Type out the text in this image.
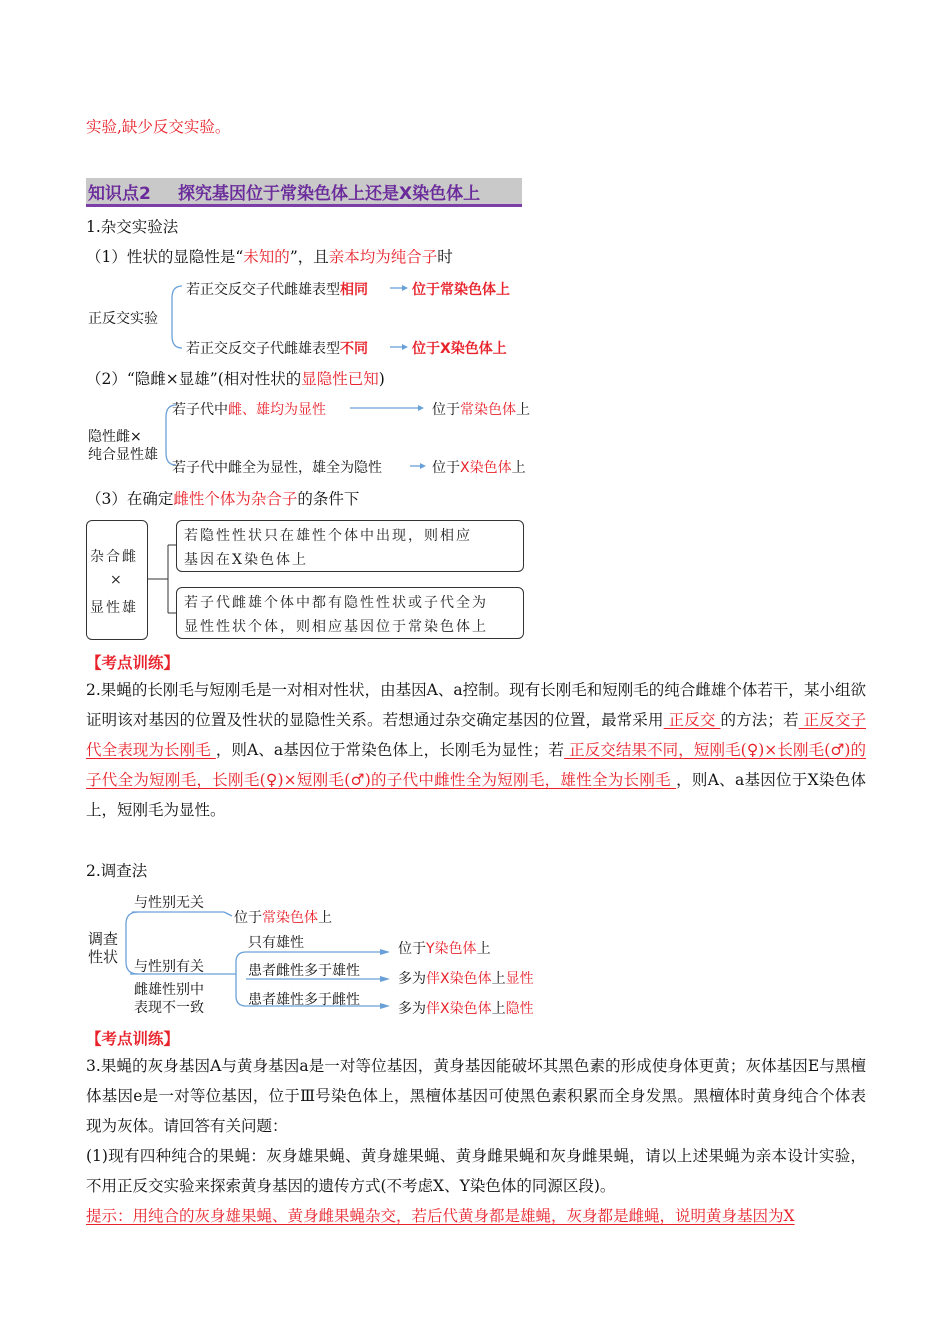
实验,缺少反交实验。
知识点2 探究基因位于常染色体上还是X染色体上
1.杂交实验法
（1）性状的显隐性是“未知的”，且亲本均为纯合子时
正反交实验
若正交反交子代雌雄表型相同	位于常染色体上
若正交反交子代雌雄表型不同	位于X染色体上
（2）“隐雌×显雄”(相对性状的显隐性已知)
隐性雌×
纯合显性雄
若子代中雌、雄均为显性	位于常染色体上
若子代中雌全为显性，雄全为隐性	位于X染色体上
（3）在确定雌性个体为杂合子的条件下
杂合雌
×
显性雄
若隐性性状只在雄性个体中出现，则相应
基因在X染色体上
若子代雌雄个体中都有隐性性状或子代全为
显性性状个体，则相应基因位于常染色体上
【考点训练】
2.果蝇的长刚毛与短刚毛是一对相对性状，由基因A、a控制。现有长刚毛和短刚毛的纯合雌雄个体若干，某小组欲证明该对基因的位置及性状的显隐性关系。若想通过杂交确定基因的位置，最常采用 正反交 的方法；若 正反交子代全表现为长刚毛 ，则A、a基因位于常染色体上，长刚毛为显性；若 正反交结果不同，短刚毛(♀)×长刚毛(♂)的子代全为短刚毛，长刚毛(♀)×短刚毛(♂)的子代中雌性全为短刚毛，雄性全为长刚毛 ，则A、a基因位于X染色体上，短刚毛为显性。
2.调查法
调查
性状
与性别无关
位于常染色体上
与性别有关
雌雄性别中
表现不一致
只有雄性	位于Y染色体上
患者雌性多于雄性	多为伴X染色体上显性
患者雄性多于雌性
多为伴X染色体上隐性
【考点训练】
3.果蝇的灰身基因A与黄身基因a是一对等位基因，黄身基因能破坏其黑色素的形成使身体更黄；灰体基因E与黑檀体基因e是一对等位基因，位于Ⅲ号染色体上，黑檀体基因可使黑色素积累而全身发黑。黑檀体时黄身纯合个体表现为灰体。请回答有关问题：
(1)现有四种纯合的果蝇：灰身雄果蝇、黄身雄果蝇、黄身雌果蝇和灰身雌果蝇，请以上述果蝇为亲本设计实验，不用正反交实验来探索黄身基因的遗传方式(不考虑X、Y染色体的同源区段)。
提示：用纯合的灰身雄果蝇、黄身雌果蝇杂交，若后代黄身都是雄蝇，灰身都是雌蝇，说明黄身基因为X
